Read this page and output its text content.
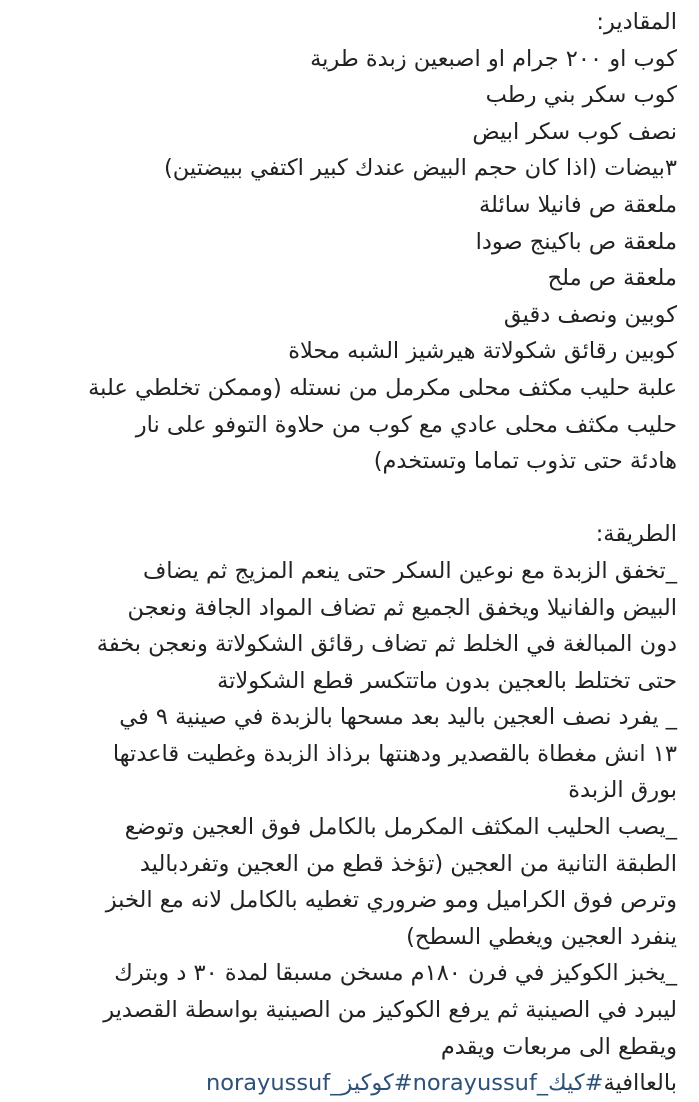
المقادير:
كوب او ٢٠٠ جرام او اصبعين زبدة طرية
كوب سكر بني رطب
نصف كوب سكر ابيض
٣بيضات (اذا كان حجم البيض عندك كبير اكتفي ببيضتين)
ملعقة ص فانيلا سائلة
ملعقة ص باكينج صودا
ملعقة ص ملح
كوبين ونصف دقيق
كوبين رقائق شكولاتة هيرشيز الشبه محلاة
علبة حليب مكثف محلى مكرمل من نستله (وممكن تخلطي علبة
حليب مكثف محلى عادي مع كوب من حلاوة التوفو على نار
هادئة حتى تذوب تماما وتستخدم)
الطريقة:
_تخفق الزبدة مع نوعين السكر حتى ينعم المزيج ثم يضاف
البيض والفانيلا ويخفق الجميع ثم تضاف المواد الجافة ونعجن
دون المبالغة في الخلط ثم تضاف رقائق الشكولاتة ونعجن بخفة
حتى تختلط بالعجين بدون ماتتكسر قطع الشكولاتة
_ يفرد نصف العجين باليد بعد مسحها بالزبدة في صينية ٩ في
١٣ انش مغطاة بالقصدير ودهنتها برذاذ الزبدة وغطيت قاعدتها
بورق الزبدة
_يصب الحليب المكثف المكرمل بالكامل فوق العجين وتوضع
الطبقة التانية من العجين (تؤخذ قطع من العجين وتفردباليد
وترص فوق الكراميل ومو ضروري تغطيه بالكامل لانه مع الخبز
ينفرد العجين ويغطي السطح)
_يخبز الكوكيز في فرن ١٨٠م مسخن مسبقا لمدة ٣٠ د وبترك
ليبرد في الصينية ثم يرفع الكوكيز من الصينية بواسطة القصدير
ويقطع الى مربعات ويقدم
بالعاافية#كيك_norayussuf#كوكيز_norayussuf
